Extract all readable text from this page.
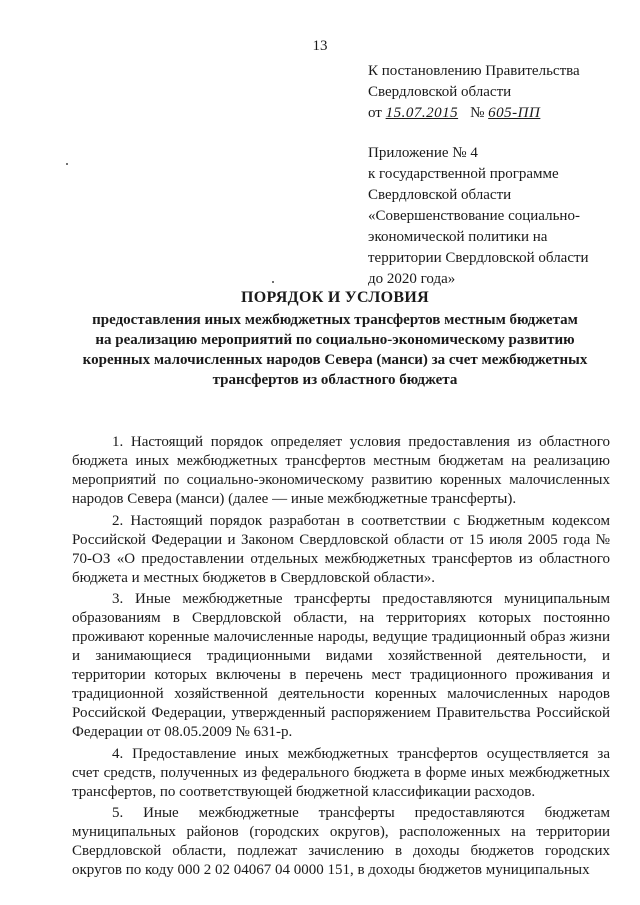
13
К постановлению Правительства
Свердловской области
от 15.07.2015 № 605-ПП
Приложение № 4
к государственной программе
Свердловской области
«Совершенствование социально-
экономической политики на
территории Свердловской области
до 2020 года»
ПОРЯДОК И УСЛОВИЯ
предоставления иных межбюджетных трансфертов местным бюджетам
на реализацию мероприятий по социально-экономическому развитию
коренных малочисленных народов Севера (манси) за счет межбюджетных
трансфертов из областного бюджета

1. Настоящий порядок определяет условия предоставления из областного бюджета иных межбюджетных трансфертов местным бюджетам на реализацию мероприятий по социально-экономическому развитию коренных малочисленных народов Севера (манси) (далее — иные межбюджетные трансферты).

2. Настоящий порядок разработан в соответствии с Бюджетным кодексом Российской Федерации и Законом Свердловской области от 15 июля 2005 года № 70-ОЗ «О предоставлении отдельных межбюджетных трансфертов из областного бюджета и местных бюджетов в Свердловской области».

3. Иные межбюджетные трансферты предоставляются муниципальным образованиям в Свердловской области, на территориях которых постоянно проживают коренные малочисленные народы, ведущие традиционный образ жизни и занимающиеся традиционными видами хозяйственной деятельности, и территории которых включены в перечень мест традиционного проживания и традиционной хозяйственной деятельности коренных малочисленных народов Российской Федерации, утвержденный распоряжением Правительства Российской Федерации от 08.05.2009 № 631-р.

4. Предоставление иных межбюджетных трансфертов осуществляется за счет средств, полученных из федерального бюджета в форме иных межбюджетных трансфертов, по соответствующей бюджетной классификации расходов.

5. Иные межбюджетные трансферты предоставляются бюджетам муниципальных районов (городских округов), расположенных на территории Свердловской области, подлежат зачислению в доходы бюджетов городских округов по коду 000 2 02 04067 04 0000 151, в доходы бюджетов муниципальных
